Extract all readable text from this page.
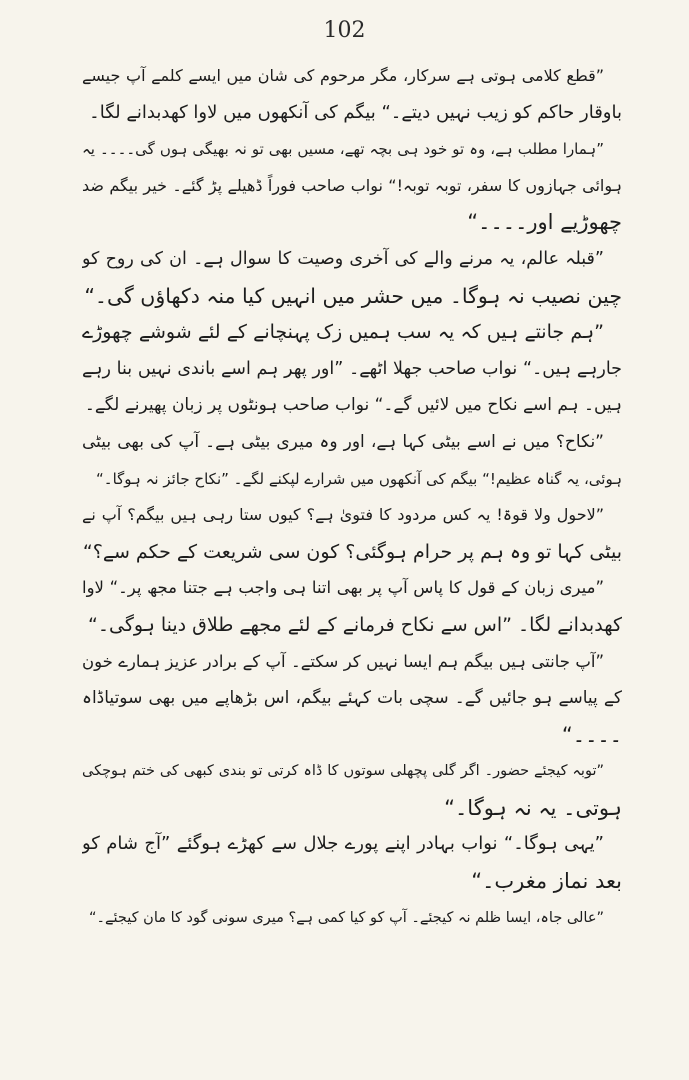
102
”قطع کلامی ہوتی ہے سرکار، مگر مرحوم کی شان میں ایسے کلمے آپ جیسے
باوقار حاکم کو زیب نہیں دیتے۔“ بیگم کی آنکھوں میں لاوا کھدبدانے لگا۔
”ہمارا مطلب ہے، وہ تو خود ہی بچہ تھے، مسیں بھی تو نہ بھیگی ہوں گی۔۔۔۔ یہ
ہوائی جہازوں کا سفر، توبہ توبہ!“ نواب صاحب فوراً ڈھیلے پڑ گئے۔ خیر بیگم ضد
چھوڑیے اور۔۔۔۔“
”قبلہ عالم، یہ مرنے والے کی آخری وصیت کا سوال ہے۔ ان کی روح کو
چین نصیب نہ ہوگا۔ میں حشر میں انہیں کیا منہ دکھاؤں گی۔“
”ہم جانتے ہیں کہ یہ سب ہمیں زک پہنچانے کے لئے شوشے چھوڑے
جارہے ہیں۔“ نواب صاحب جھلا اٹھے۔ ”اور پھر ہم اسے باندی نہیں بنا رہے
ہیں۔ ہم اسے نکاح میں لائیں گے۔“ نواب صاحب ہونٹوں پر زبان پھیرنے لگے۔
”نکاح؟ میں نے اسے بیٹی کہا ہے، اور وہ میری بیٹی ہے۔ آپ کی بھی بیٹی
ہوئی، یہ گناہ عظیم!“ بیگم کی آنکھوں میں شرارے لپکنے لگے۔ ”نکاح جائز نہ ہوگا۔“
”لاحول ولا قوۃ! یہ کس مردود کا فتویٰ ہے؟ کیوں ستا رہی ہیں بیگم؟ آپ نے
بیٹی کہا تو وہ ہم پر حرام ہوگئی؟ کون سی شریعت کے حکم سے؟“
”میری زبان کے قول کا پاس آپ پر بھی اتنا ہی واجب ہے جتنا مجھ پر۔“ لاوا
کھدبدانے لگا۔ ”اس سے نکاح فرمانے کے لئے مجھے طلاق دینا ہوگی۔“
”آپ جانتی ہیں بیگم ہم ایسا نہیں کر سکتے۔ آپ کے برادر عزیز ہمارے خون
کے پیاسے ہو جائیں گے۔ سچی بات کہئے بیگم، اس بڑھاپے میں بھی سوتیاڈاہ
۔۔۔۔“
”توبہ کیجئے حضور۔ اگر گلی پچھلی سوتوں کا ڈاہ کرتی تو بندی کبھی کی ختم ہوچکی
ہوتی۔ یہ نہ ہوگا۔“
”یہی ہوگا۔“ نواب بہادر اپنے پورے جلال سے کھڑے ہوگئے ”آج شام کو
بعد نماز مغرب۔“
”عالی جاہ، ایسا ظلم نہ کیجئے۔ آپ کو کیا کمی ہے؟ میری سونی گود کا مان کیجئے۔“
